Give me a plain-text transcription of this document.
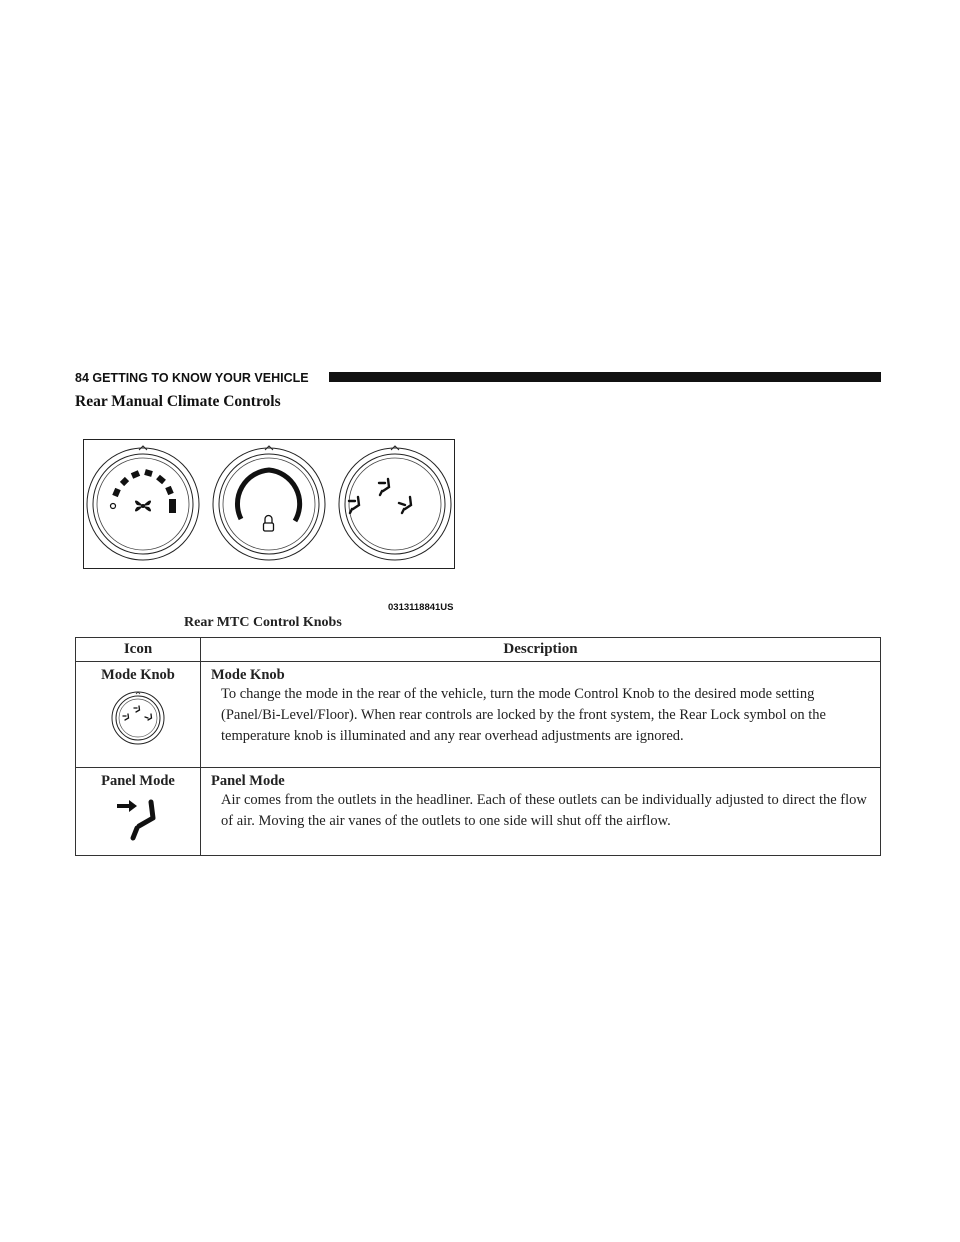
84 GETTING TO KNOW YOUR VEHICLE
Rear Manual Climate Controls
0313118841US
Rear MTC Control Knobs
Icon	Description

Mode Knob	Mode Knob
To change the mode in the rear of the vehicle, turn the mode Control Knob to the desired mode setting (Panel/Bi-Level/Floor). When rear controls are locked by the front system, the Rear Lock symbol on the temperature knob is illuminated and any rear overhead adjustments are ignored.

Panel Mode	Panel Mode
Air comes from the outlets in the headliner. Each of these outlets can be individually adjusted to direct the flow of air. Moving the air vanes of the outlets to one side will shut off the airflow.
